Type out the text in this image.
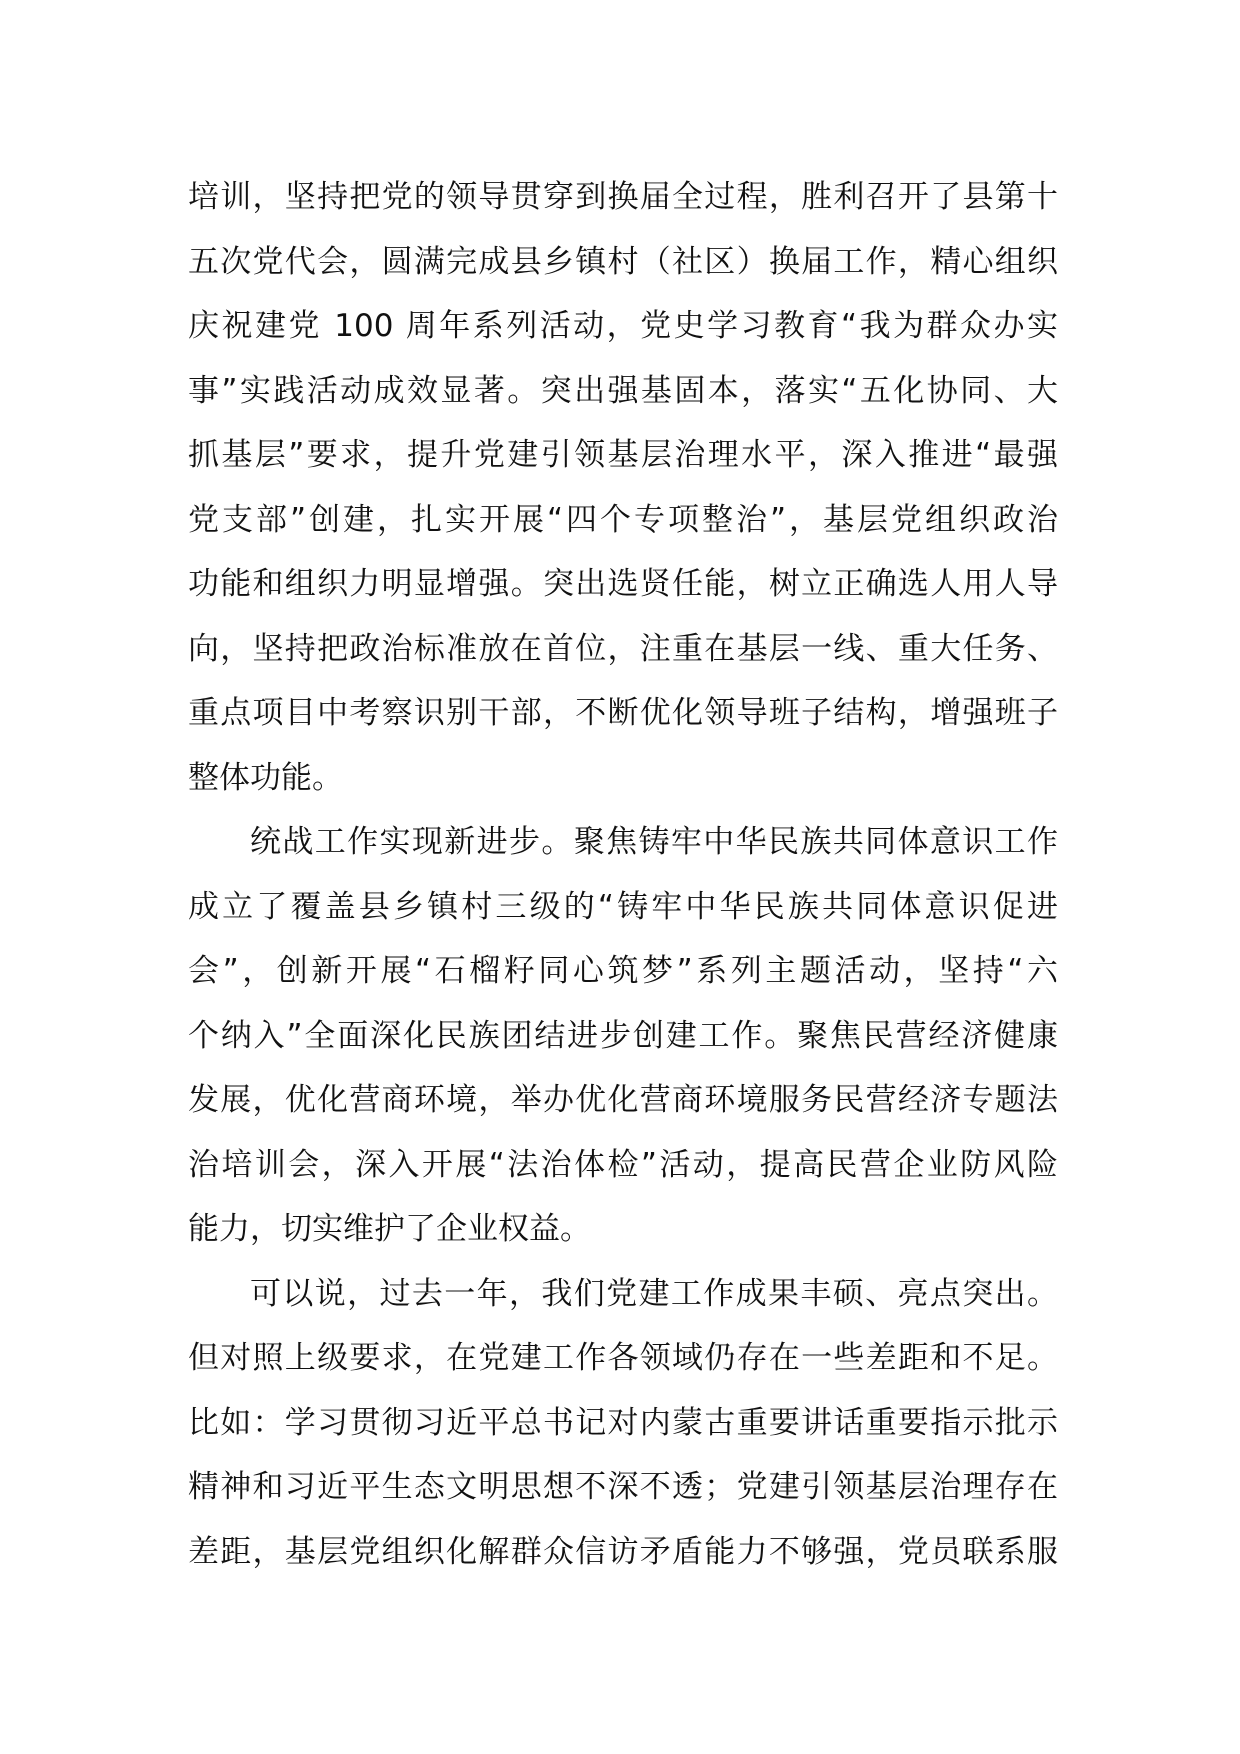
培训，坚持把党的领导贯穿到换届全过程，胜利召开了县第十
五次党代会，圆满完成县乡镇村（社区）换届工作，精心组织
庆祝建党 100 周年系列活动，党史学习教育“我为群众办实
事”实践活动成效显著。突出强基固本，落实“五化协同、大
抓基层”要求，提升党建引领基层治理水平，深入推进“最强
党支部”创建，扎实开展“四个专项整治”，基层党组织政治
功能和组织力明显增强。突出选贤任能，树立正确选人用人导
向，坚持把政治标准放在首位，注重在基层一线、重大任务、
重点项目中考察识别干部，不断优化领导班子结构，增强班子
整体功能。
统战工作实现新进步。聚焦铸牢中华民族共同体意识工作
成立了覆盖县乡镇村三级的“铸牢中华民族共同体意识促进
会”，创新开展“石榴籽同心筑梦”系列主题活动，坚持“六
个纳入”全面深化民族团结进步创建工作。聚焦民营经济健康
发展，优化营商环境，举办优化营商环境服务民营经济专题法
治培训会，深入开展“法治体检”活动，提高民营企业防风险
能力，切实维护了企业权益。
可以说，过去一年，我们党建工作成果丰硕、亮点突出。
但对照上级要求，在党建工作各领域仍存在一些差距和不足。
比如：学习贯彻习近平总书记对内蒙古重要讲话重要指示批示
精神和习近平生态文明思想不深不透；党建引领基层治理存在
差距，基层党组织化解群众信访矛盾能力不够强，党员联系服
